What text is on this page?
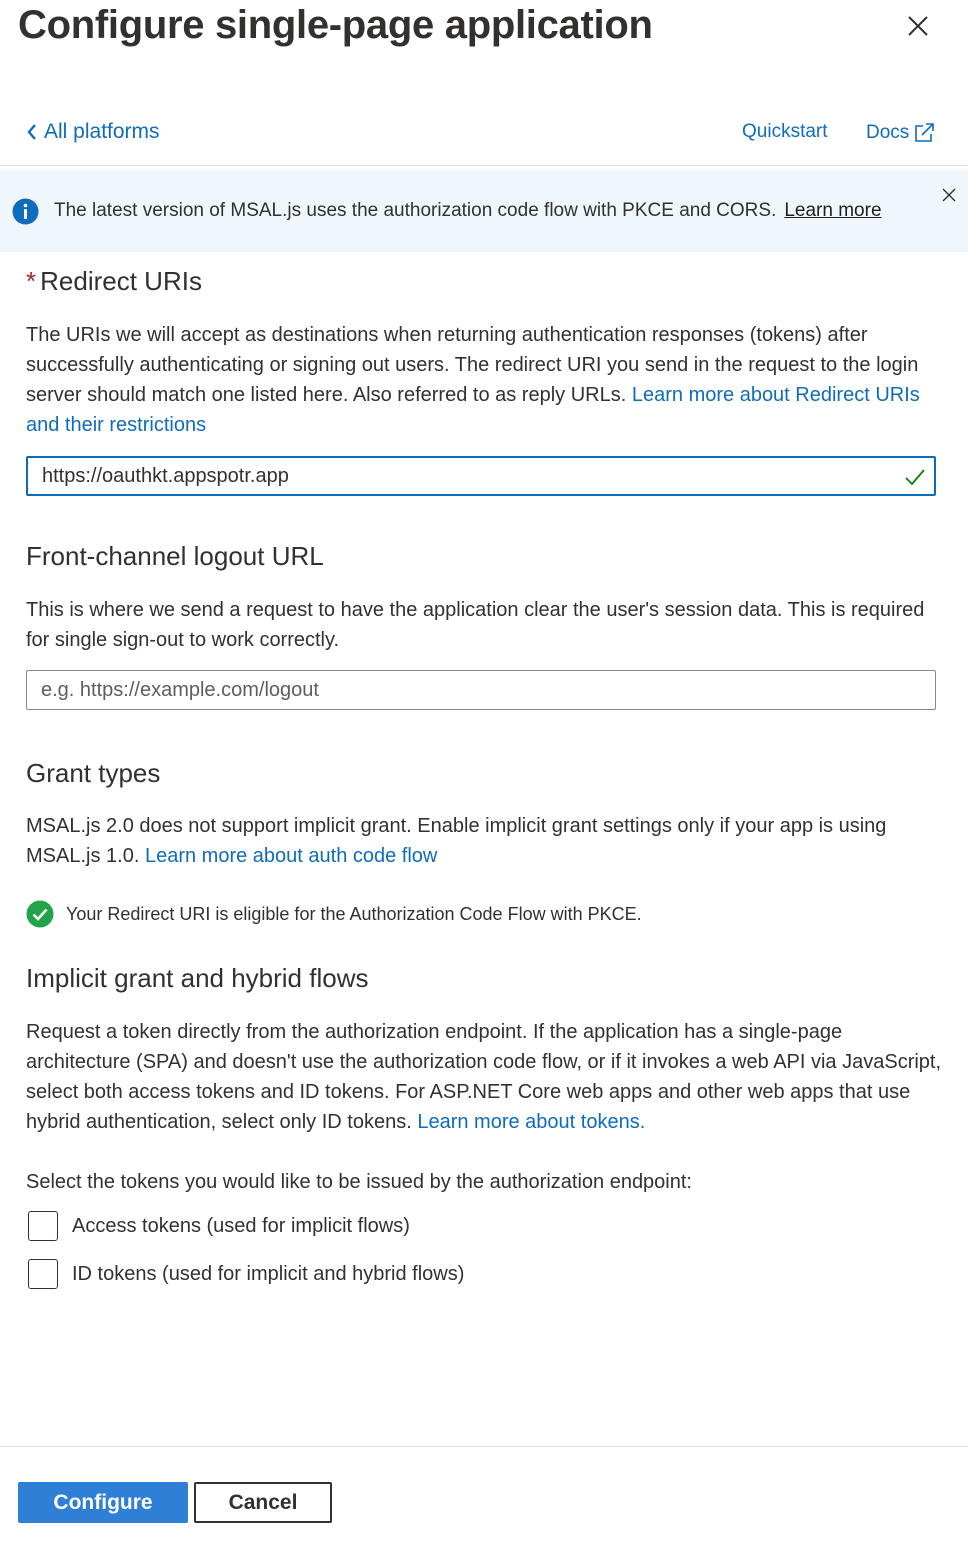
Configure single-page application
All platforms	Quickstart Docs
The latest version of MSAL.js uses the authorization code flow with PKCE and CORS. Learn more
* Redirect URIs

The URIs we will accept as destinations when returning authentication responses (tokens) after successfully authenticating or signing out users. The redirect URI you send in the request to the login server should match one listed here. Also referred to as reply URLs. Learn more about Redirect URIs and their restrictions

https://oauthkt.appspotr.app
Front-channel logout URL

This is where we send a request to have the application clear the user's session data. This is required for single sign-out to work correctly.

e.g. https://example.com/logout
Grant types

MSAL.js 2.0 does not support implicit grant. Enable implicit grant settings only if your app is using MSAL.js 1.0. Learn more about auth code flow

Your Redirect URI is eligible for the Authorization Code Flow with PKCE.
Implicit grant and hybrid flows

Request a token directly from the authorization endpoint. If the application has a single-page architecture (SPA) and doesn't use the authorization code flow, or if it invokes a web API via JavaScript, select both access tokens and ID tokens. For ASP.NET Core web apps and other web apps that use hybrid authentication, select only ID tokens. Learn more about tokens.

Select the tokens you would like to be issued by the authorization endpoint:

Access tokens (used for implicit flows)
ID tokens (used for implicit and hybrid flows)
Configure	Cancel
